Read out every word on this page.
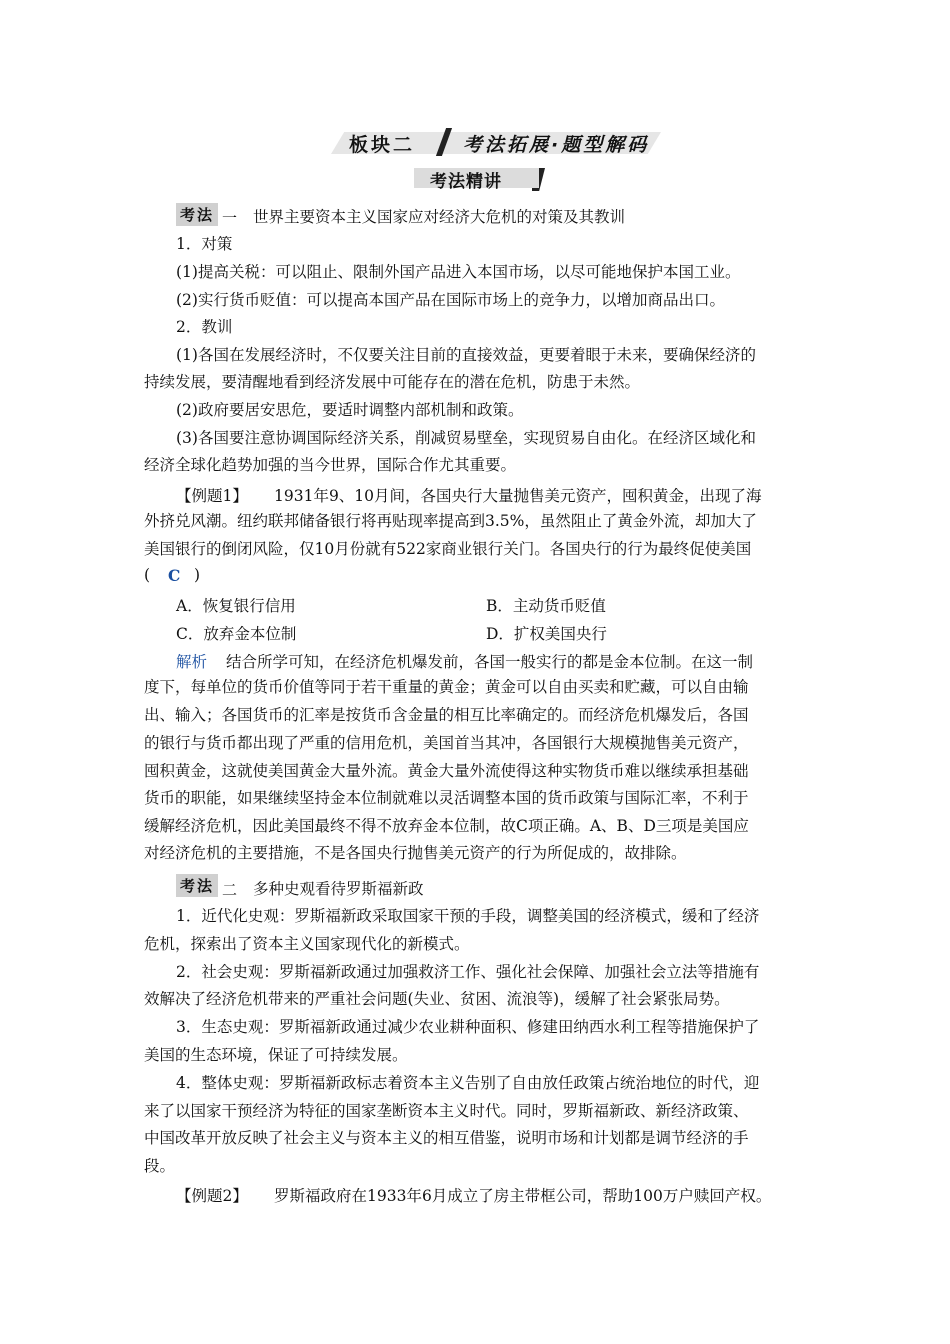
板块二	考法拓展·题型解码
考法精讲
考法 一 世界主要资本主义国家应对经济大危机的对策及其教训
1．对策
(1)提高关税：可以阻止、限制外国产品进入本国市场，以尽可能地保护本国工业。
(2)实行货币贬值：可以提高本国产品在国际市场上的竞争力，以增加商品出口。
2．教训
(1)各国在发展经济时，不仅要关注目前的直接效益，更要着眼于未来，要确保经济的
持续发展，要清醒地看到经济发展中可能存在的潜在危机，防患于未然。
(2)政府要居安思危，要适时调整内部机制和政策。
(3)各国要注意协调国际经济关系，削减贸易壁垒，实现贸易自由化。在经济区域化和
经济全球化趋势加强的当今世界，国际合作尤其重要。
【例题1】 1931年9、10月间，各国央行大量抛售美元资产，囤积黄金，出现了海
外挤兑风潮。纽约联邦储备银行将再贴现率提高到3.5%，虽然阻止了黄金外流，却加大了
美国银行的倒闭风险，仅10月份就有522家商业银行关门。各国央行的行为最终促使美国
( C )
A．恢复银行信用	B．主动货币贬值
C．放弃金本位制	D．扩权美国央行
解析 结合所学可知，在经济危机爆发前，各国一般实行的都是金本位制。在这一制
度下，每单位的货币价值等同于若干重量的黄金；黄金可以自由买卖和贮藏，可以自由输
出、输入；各国货币的汇率是按货币含金量的相互比率确定的。而经济危机爆发后，各国
的银行与货币都出现了严重的信用危机，美国首当其冲，各国银行大规模抛售美元资产，
囤积黄金，这就使美国黄金大量外流。黄金大量外流使得这种实物货币难以继续承担基础
货币的职能，如果继续坚持金本位制就难以灵活调整本国的货币政策与国际汇率，不利于
缓解经济危机，因此美国最终不得不放弃金本位制，故C项正确。A、B、D三项是美国应
对经济危机的主要措施，不是各国央行抛售美元资产的行为所促成的，故排除。
考法 二 多种史观看待罗斯福新政
1．近代化史观：罗斯福新政采取国家干预的手段，调整美国的经济模式，缓和了经济
危机，探索出了资本主义国家现代化的新模式。
2．社会史观：罗斯福新政通过加强救济工作、强化社会保障、加强社会立法等措施有
效解决了经济危机带来的严重社会问题(失业、贫困、流浪等)，缓解了社会紧张局势。
3．生态史观：罗斯福新政通过减少农业耕种面积、修建田纳西水利工程等措施保护了
美国的生态环境，保证了可持续发展。
4．整体史观：罗斯福新政标志着资本主义告别了自由放任政策占统治地位的时代，迎
来了以国家干预经济为特征的国家垄断资本主义时代。同时，罗斯福新政、新经济政策、
中国改革开放反映了社会主义与资本主义的相互借鉴，说明市场和计划都是调节经济的手
段。
【例题2】 罗斯福政府在1933年6月成立了房主带框公司，帮助100万户赎回产权。
